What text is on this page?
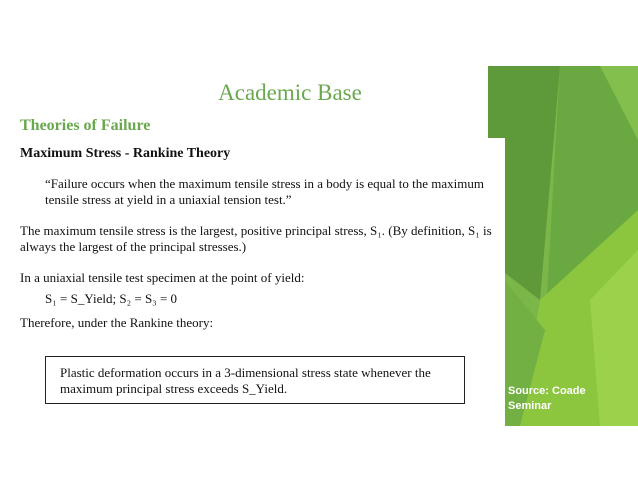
Academic Base
Theories of Failure

Maximum Stress - Rankine Theory

“Failure occurs when the maximum tensile stress in a body is equal to the maximum tensile stress at yield in a uniaxial tension test.”

The maximum tensile stress is the largest, positive principal stress, S₁. (By definition, S₁ is always the largest of the principal stresses.)

In a uniaxial tensile test specimen at the point of yield:

S₁ = S_Yield; S₂ = S₃ = 0

Therefore, under the Rankine theory:

Plastic deformation occurs in a 3-dimensional stress state whenever the maximum principal stress exceeds S_Yield.	Source: Coade Seminar
